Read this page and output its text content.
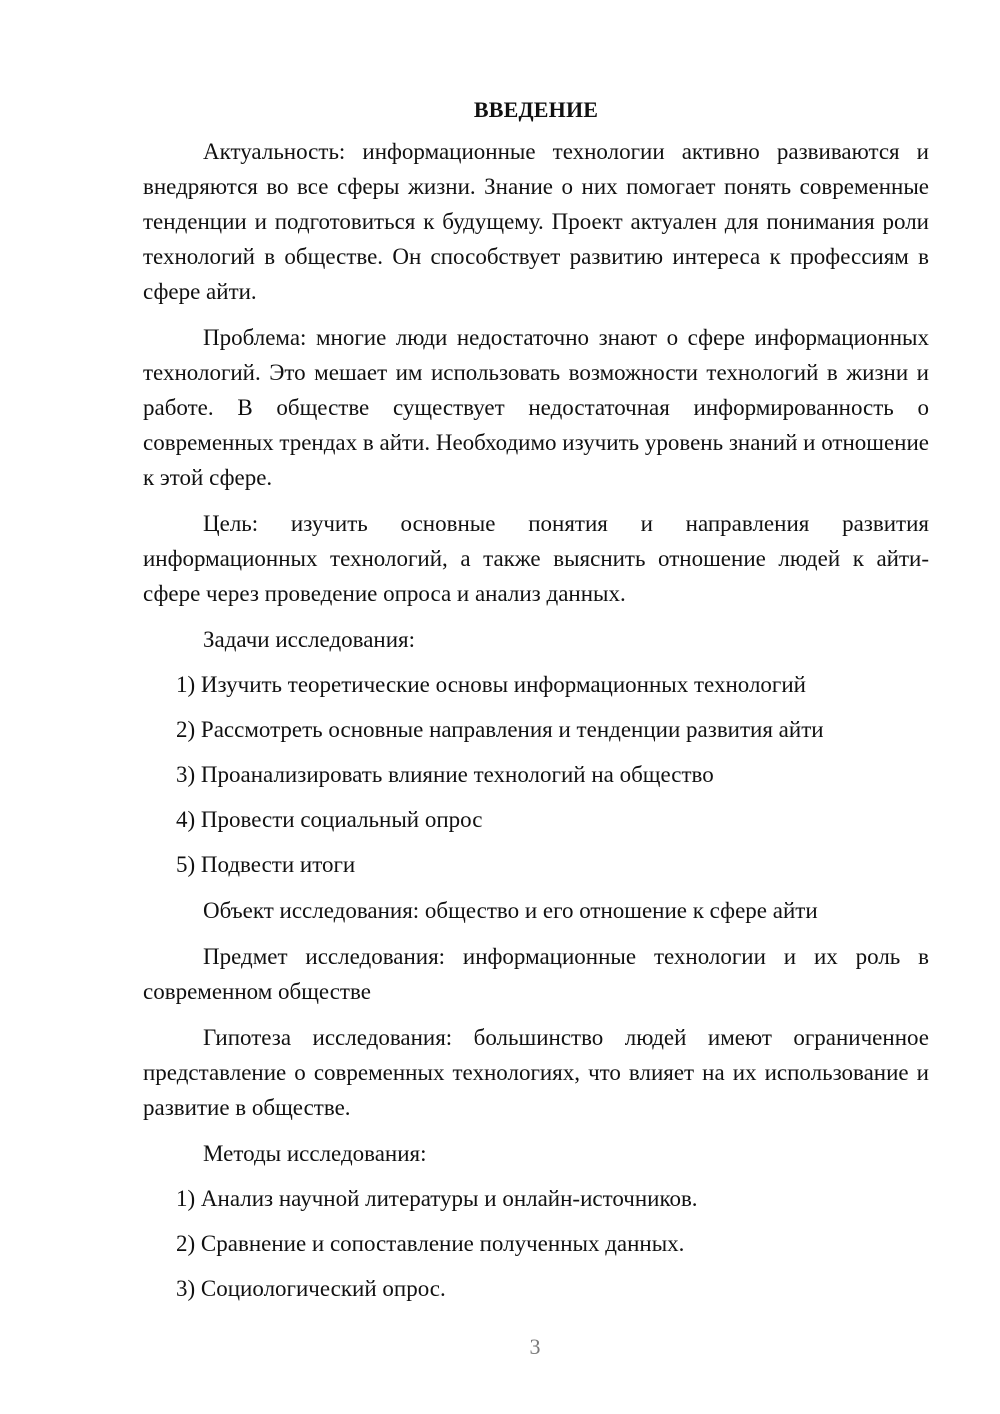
ВВЕДЕНИЕ

Актуальность: информационные технологии активно развиваются и внедряются во все сферы жизни. Знание о них помогает понять современные тенденции и подготовиться к будущему. Проект актуален для понимания роли технологий в обществе. Он способствует развитию интереса к профессиям в сфере айти.

Проблема: многие люди недостаточно знают о сфере информационных технологий. Это мешает им использовать возможности технологий в жизни и работе. В обществе существует недостаточная информированность о современных трендах в айти. Необходимо изучить уровень знаний и отношение к этой сфере.

Цель: изучить основные понятия и направления развития информационных технологий, а также выяснить отношение людей к айти-сфере через проведение опроса и анализ данных.

Задачи исследования:

1) Изучить теоретические основы информационных технологий
2) Рассмотреть основные направления и тенденции развития айти
3) Проанализировать влияние технологий на общество
4) Провести социальный опрос
5) Подвести итоги

Объект исследования: общество и его отношение к сфере айти

Предмет исследования: информационные технологии и их роль в современном обществе

Гипотеза исследования: большинство людей имеют ограниченное представление о современных технологиях, что влияет на их использование и развитие в обществе.

Методы исследования:

1) Анализ научной литературы и онлайн-источников.
2) Сравнение и сопоставление полученных данных.
3) Социологический опрос.
3
